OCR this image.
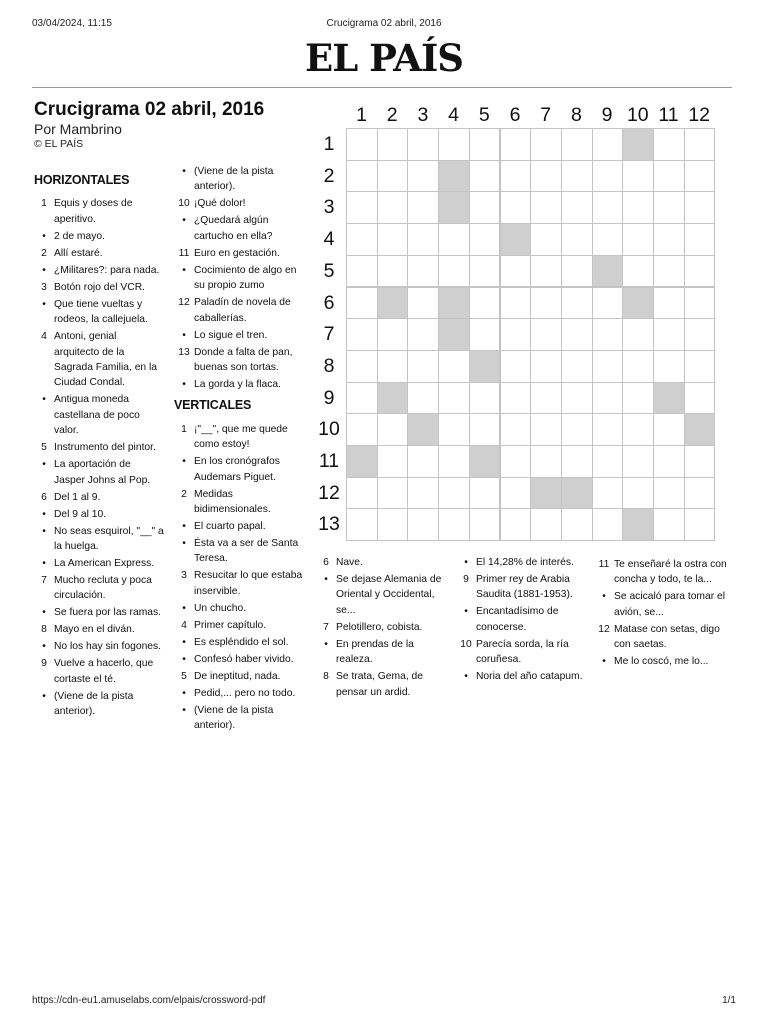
03/04/2024, 11:15	Crucigrama 02 abril, 2016
EL PAÍS
Crucigrama 02 abril, 2016
Por Mambrino
© EL PAÍS
HORIZONTALES
1 Equis y doses de aperitivo.
• 2 de mayo.
2 Allí estaré.
• ¿Militares?: para nada.
3 Botón rojo del VCR.
• Que tiene vueltas y rodeos, la callejuela.
4 Antoni, genial arquitecto de la Sagrada Familia, en la Ciudad Condal.
• Antigua moneda castellana de poco valor.
5 Instrumento del pintor.
• La aportación de Jasper Johns al Pop.
6 Del 1 al 9.
• Del 9 al 10.
• No seas esquirol, "__" a la huelga.
• La American Express.
7 Mucho recluta y poca circulación.
• Se fuera por las ramas.
8 Mayo en el diván.
• No los hay sin fogones.
9 Vuelve a hacerlo, que cortaste el té.
• (Viene de la pista anterior).
• (Viene de la pista anterior).
10 ¡Qué dolor!
• ¿Quedará algún cartucho en ella?
11 Euro en gestación.
• Cocimiento de algo en su propio zumo
12 Paladín de novela de caballerías.
• Lo sigue el tren.
13 Donde a falta de pan, buenas son tortas.
• La gorda y la flaca.
VERTICALES
1 ¡"__", que me quede como estoy!
• En los cronógrafos Audemars Piguet.
2 Medidas bidimensionales.
• El cuarto papal.
• Ésta va a ser de Santa Teresa.
3 Resucitar lo que estaba inservible.
• Un chucho.
4 Primer capítulo.
• Es espléndido el sol.
• Confesó haber vivido.
5 De ineptitud, nada.
• Pedid,... pero no todo.
• (Viene de la pista anterior).
6 Nave.
• Se dejase Alemania de Oriental y Occidental, se...
7 Pelotillero, cobista.
• En prendas de la realeza.
8 Se trata, Gema, de pensar un ardid.
• El 14,28% de interés.
9 Primer rey de Arabia Saudita (1881-1953).
• Encantadísimo de conocerse.
10 Parecía sorda, la ría coruñesa.
• Noria del año catapum.
11 Te enseñaré la ostra con concha y todo, te la...
• Se acicaló para tomar el avión, se...
12 Matase con setas, digo con saetas.
• Me lo coscó, me lo...
1	2	3	4	5	6	7	8	9 10 11 12
1
2
3
4
5
6
7
8
9
10
11
12
13
https://cdn-eu1.amuselabs.com/elpais/crossword-pdf	1/1
